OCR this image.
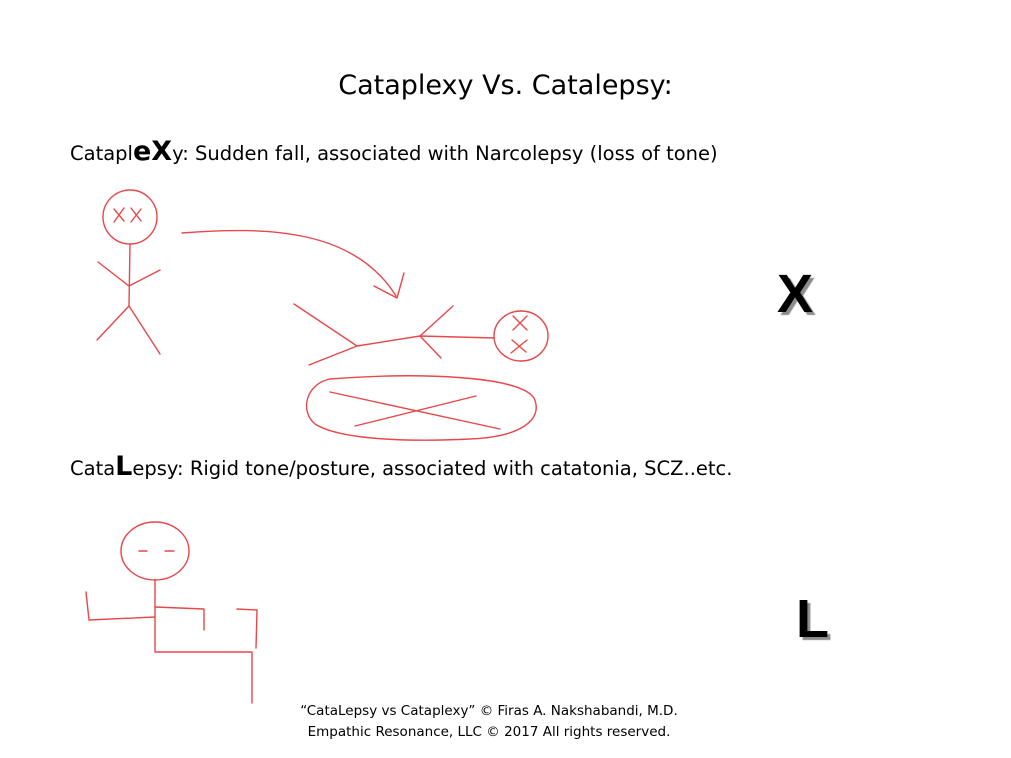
Cataplexy Vs. Catalepsy:
CatapleXy: Sudden fall, associated with Narcolepsy (loss of tone)
CataLepsy: Rigid tone/posture, associated with catatonia, SCZ..etc.
X
L
“CataLepsy vs Cataplexy” © Firas A. Nakshabandi, M.D.
Empathic Resonance, LLC © 2017 All rights reserved.
